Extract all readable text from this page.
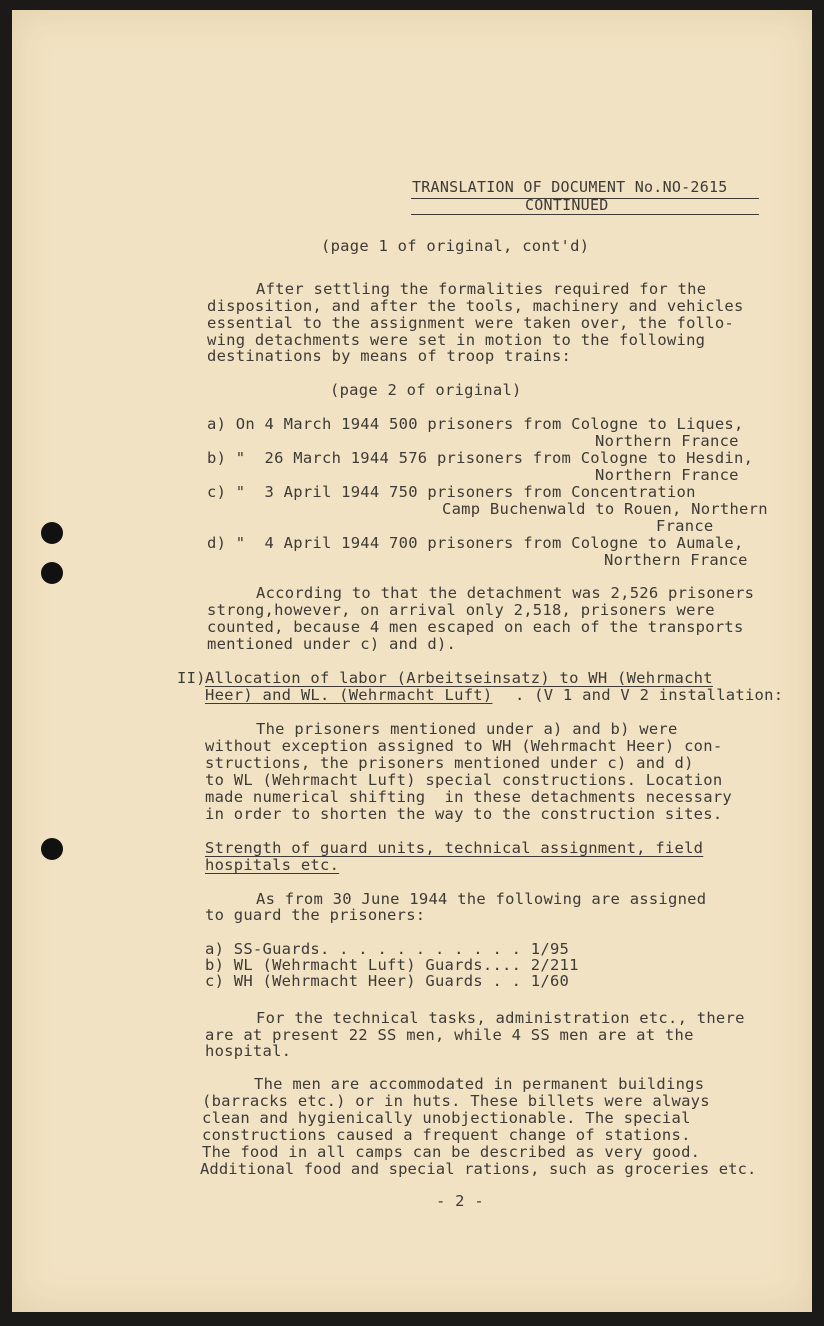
TRANSLATION OF DOCUMENT No.NO-2615
CONTINUED
(page 1 of original, cont'd)
After settling the formalities required for the
disposition, and after the tools, machinery and vehicles
essential to the assignment were taken over, the follo-
wing detachments were set in motion to the following
destinations by means of troop trains:
(page 2 of original)
a) On 4 March 1944 500 prisoners from Cologne to Liques,
Northern France
b) "  26 March 1944 576 prisoners from Cologne to Hesdin,
Northern France
c) "  3 April 1944 750 prisoners from Concentration
Camp Buchenwald to Rouen, Northern
France
d) "  4 April 1944 700 prisoners from Cologne to Aumale,
Northern France
According to that the detachment was 2,526 prisoners
strong,however, on arrival only 2,518, prisoners were
counted, because 4 men escaped on each of the transports
mentioned under c) and d).
II) Allocation of labor (Arbeitseinsatz) to WH (Wehrmacht
Heer) and WL. (Wehrmacht Luft) . (V 1 and V 2 installation:
The prisoners mentioned under a) and b) were
without exception assigned to WH (Wehrmacht Heer) con-
structions, the prisoners mentioned under c) and d)
to WL (Wehrmacht Luft) special constructions. Location
made numerical shifting  in these detachments necessary
in order to shorten the way to the construction sites.
Strength of guard units, technical assignment, field
hospitals etc.
As from 30 June 1944 the following are assigned
to guard the prisoners:
a) SS-Guards. . . . . . . . . . . 1/95
b) WL (Wehrmacht Luft) Guards.... 2/211
c) WH (Wehrmacht Heer) Guards . . 1/60
For the technical tasks, administration etc., there
are at present 22 SS men, while 4 SS men are at the
hospital.
The men are accommodated in permanent buildings
(barracks etc.) or in huts. These billets were always
clean and hygienically unobjectionable. The special
constructions caused a frequent change of stations.
The food in all camps can be described as very good.
Additional food and special rations, such as groceries etc.
- 2 -
